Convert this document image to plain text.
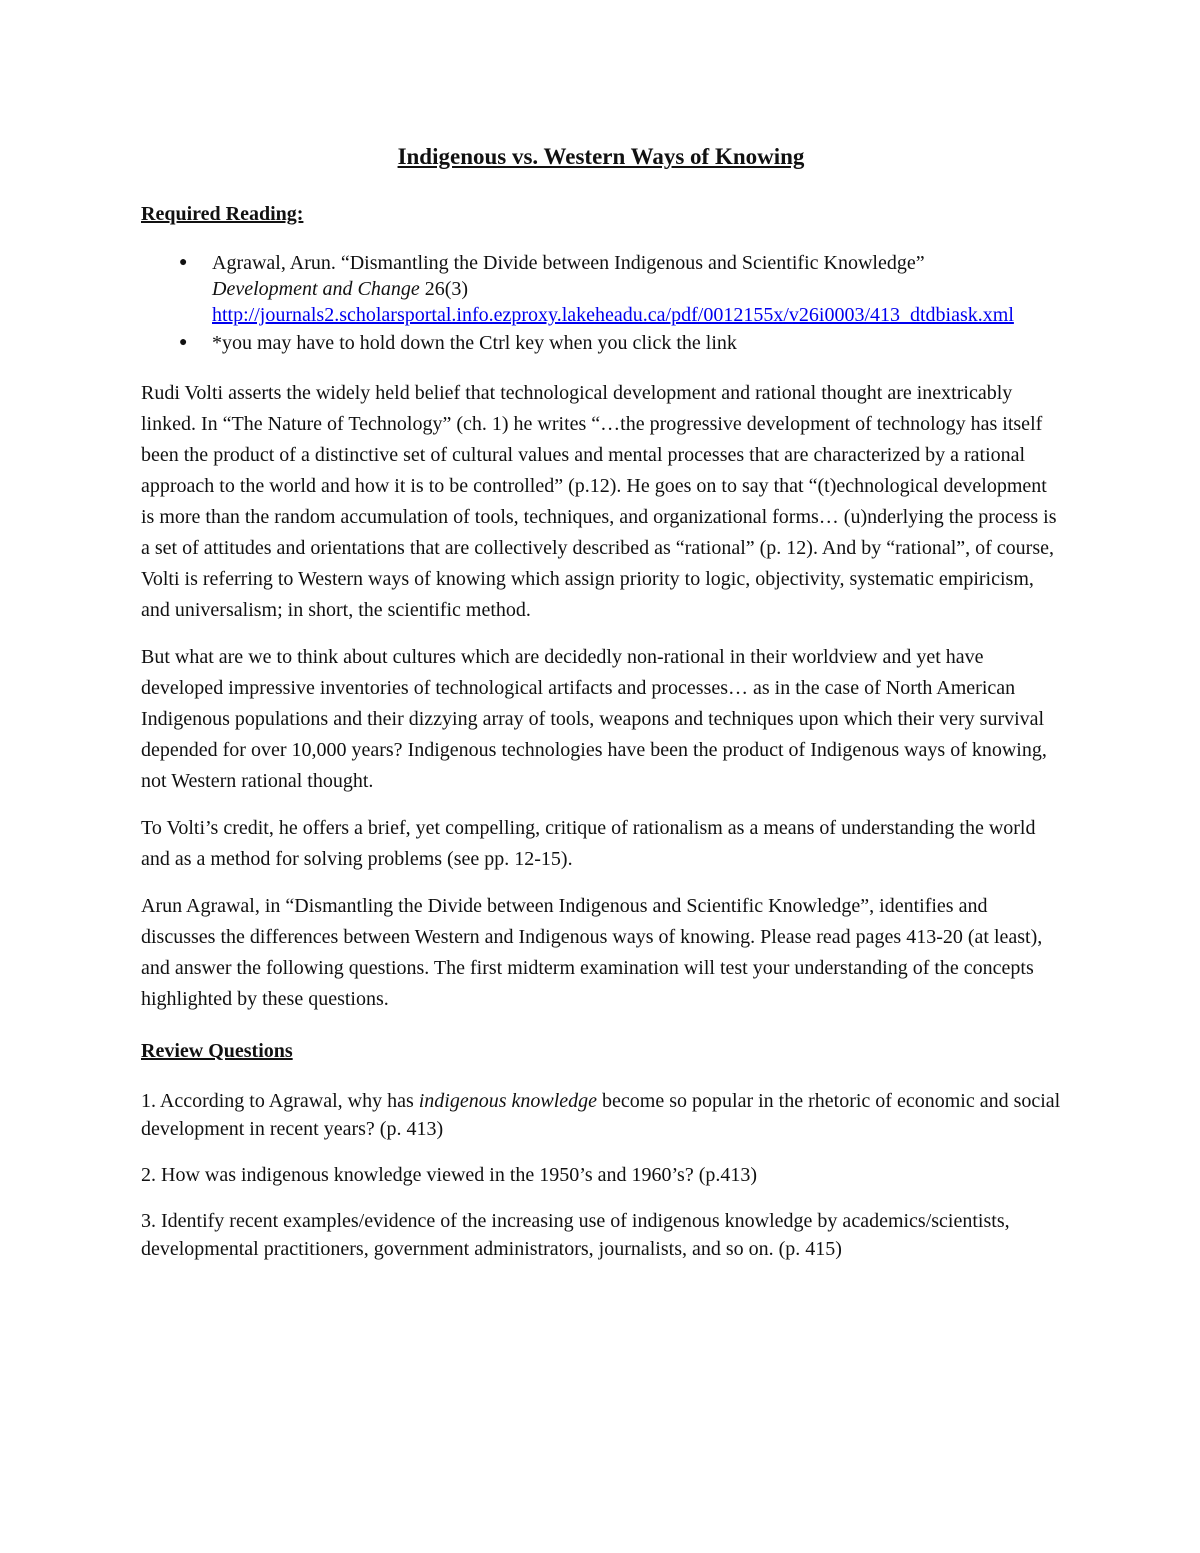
Indigenous vs. Western Ways of Knowing
Required Reading:
● Agrawal, Arun. “Dismantling the Divide between Indigenous and Scientific Knowledge”
Development and Change 26(3)
http://journals2.scholarsportal.info.ezproxy.lakeheadu.ca/pdf/0012155x/v26i0003/413_dtdbiask.xml
● *you may have to hold down the Ctrl key when you click the link

Rudi Volti asserts the widely held belief that technological development and rational thought are inextricably linked. In “The Nature of Technology” (ch. 1) he writes “…the progressive development of technology has itself been the product of a distinctive set of cultural values and mental processes that are characterized by a rational approach to the world and how it is to be controlled” (p.12). He goes on to say that “(t)echnological development is more than the random accumulation of tools, techniques, and organizational forms… (u)nderlying the process is a set of attitudes and orientations that are collectively described as “rational” (p. 12). And by “rational”, of course, Volti is referring to Western ways of knowing which assign priority to logic, objectivity, systematic empiricism, and universalism; in short, the scientific method.

But what are we to think about cultures which are decidedly non-rational in their worldview and yet have developed impressive inventories of technological artifacts and processes… as in the case of North American Indigenous populations and their dizzying array of tools, weapons and techniques upon which their very survival depended for over 10,000 years? Indigenous technologies have been the product of Indigenous ways of knowing, not Western rational thought.

To Volti’s credit, he offers a brief, yet compelling, critique of rationalism as a means of understanding the world and as a method for solving problems (see pp. 12-15).

Arun Agrawal, in “Dismantling the Divide between Indigenous and Scientific Knowledge”, identifies and discusses the differences between Western and Indigenous ways of knowing. Please read pages 413-20 (at least), and answer the following questions. The first midterm examination will test your understanding of the concepts highlighted by these questions.

Review Questions

1. According to Agrawal, why has indigenous knowledge become so popular in the rhetoric of economic and social development in recent years? (p. 413)

2. How was indigenous knowledge viewed in the 1950’s and 1960’s? (p.413)

3. Identify recent examples/evidence of the increasing use of indigenous knowledge by academics/scientists, developmental practitioners, government administrators, journalists, and so on. (p. 415)
